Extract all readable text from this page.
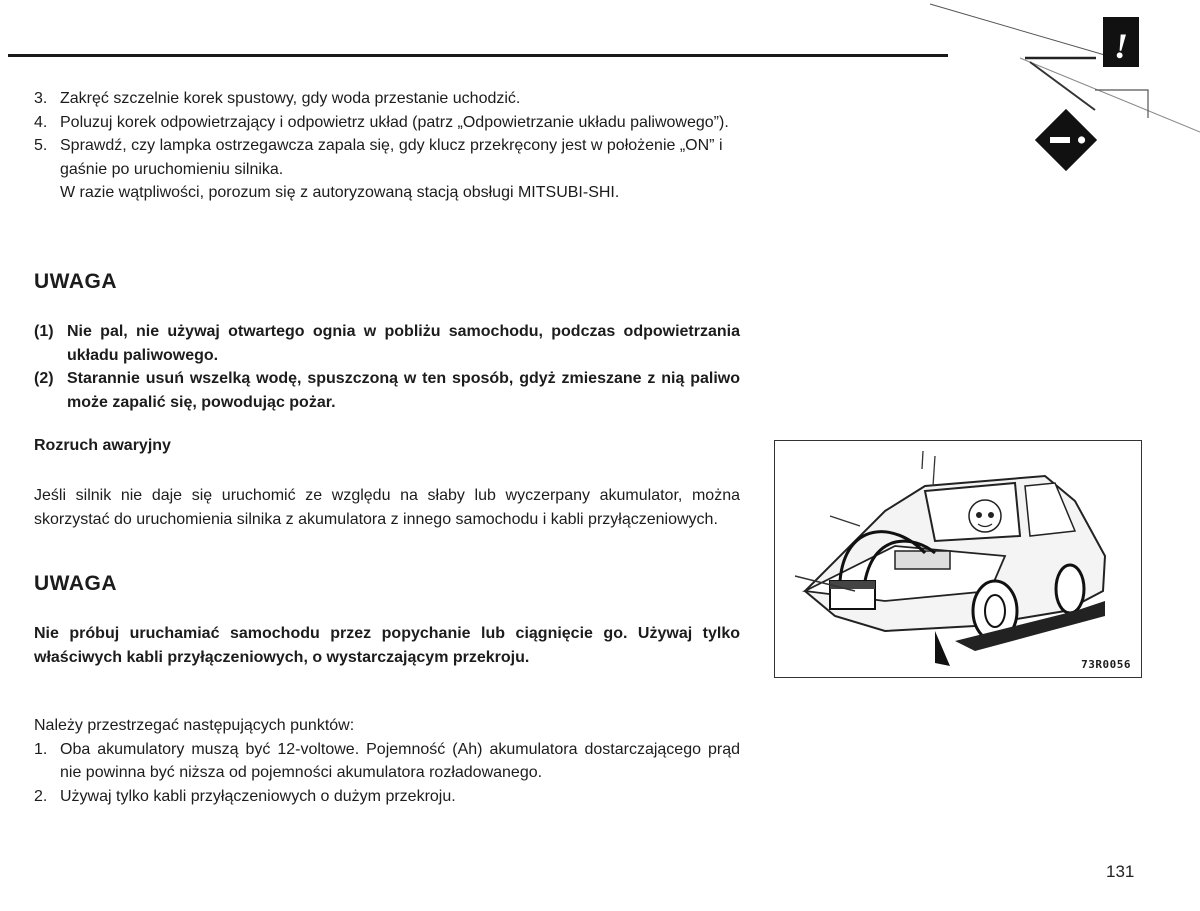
!
3. Zakręć szczelnie korek spustowy, gdy woda przestanie uchodzić.
4. Poluzuj korek odpowietrzający i odpowietrz układ (patrz „Odpowietrzanie układu paliwowego”).
5. Sprawdź, czy lampka ostrzegawcza zapala się, gdy klucz przekręcony jest w położenie „ON” i gaśnie po uruchomieniu silnika.
W razie wątpliwości, porozum się z autoryzowaną stacją obsługi MITSUBI-SHI.
UWAGA
(1) Nie pal, nie używaj otwartego ognia w pobliżu samochodu, podczas odpowietrzania układu paliwowego.
(2) Starannie usuń wszelką wodę, spuszczoną w ten sposób, gdyż zmieszane z nią paliwo może zapalić się, powodując pożar.
Rozruch awaryjny

Jeśli silnik nie daje się uruchomić ze względu na słaby lub wyczerpany akumulator, można skorzystać do uruchomienia silnika z akumulatora z innego samochodu i kabli przyłączeniowych.

UWAGA

Nie próbuj uruchamiać samochodu przez popychanie lub ciągnięcie go. Używaj tylko właściwych kabli przyłączeniowych, o wystarczającym przekroju.

Należy przestrzegać następujących punktów:

1. Oba akumulatory muszą być 12-voltowe. Pojemność (Ah) akumulatora dostarczającego prąd nie powinna być niższa od pojemności akumulatora rozładowanego.
2. Używaj tylko kabli przyłączeniowych o dużym przekroju.
73R0056
131
